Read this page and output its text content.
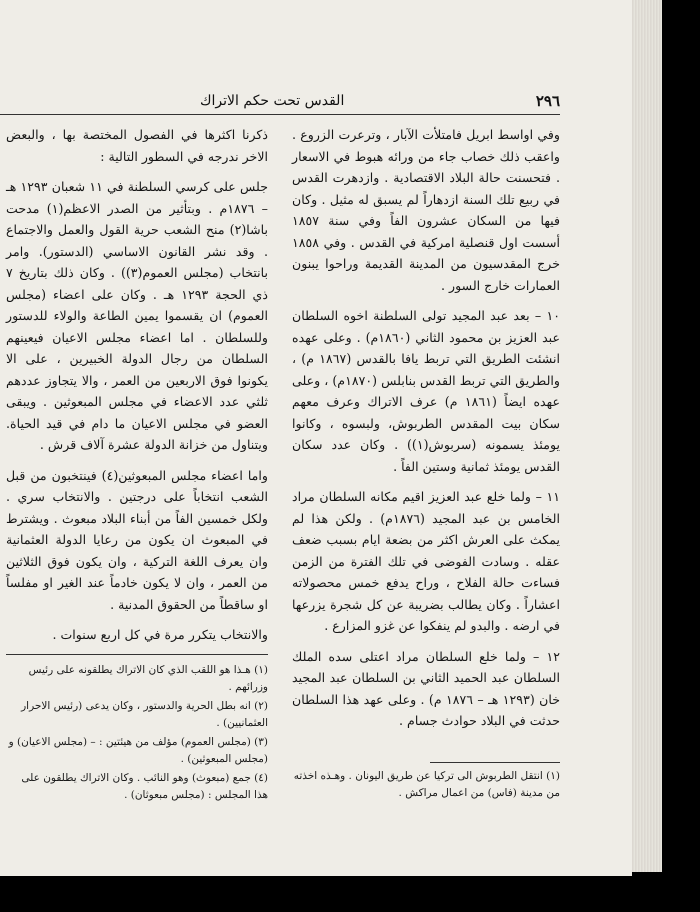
٢٩٦
القدس تحت حكم الاتراك

وفي اواسط ابريل فامتلأت الآبار ، وترعرت الزروع . واعقب ذلك خصاب جاء من ورائه هبوط في الاسعار . فتحسنت حالة البلاد الاقتصادية . وازدهرت القدس في ربيع تلك السنة ازدهاراً لم يسبق له مثيل . وكان فيها من السكان عشرون الفاً وفي سنة ١٨٥٧ أسست اول قنصلية امركية في القدس . وفي ١٨٥٨ خرج المقدسيون من المدينة القديمة وراحوا يبنون العمارات خارج السور .

١٠ – بعد عبد المجيد تولى السلطنة اخوه السلطان عبد العزيز بن محمود الثاني (١٨٦٠م) . وعلى عهده انشئت الطريق التي تربط يافا بالقدس (١٨٦٧ م) ، والطريق التي تربط القدس بنابلس (١٨٧٠م) ، وعلى عهده ايضاً (١٨٦١ م) عرف الاتراك وعرف معهم سكان بيت المقدس الطربوش، ولبسوه ، وكانوا يومئذ يسمونه (سربوش(١)) . وكان عدد سكان القدس يومئذ ثمانية وستين الفاً .

١١ – ولما خلع عبد العزيز اقيم مكانه السلطان مراد الخامس بن عبد المجيد (١٨٧٦م) . ولكن هذا لم يمكث على العرش اكثر من بضعة ايام بسبب ضعف عقله . وسادت الفوضى في تلك الفترة من الزمن فساءت حالة الفلاح ، وراح يدفع خمس محصولاته اعشاراً . وكان يطالب بضريبة عن كل شجرة يزرعها في ارضه . والبدو لم ينفكوا عن غزو المزارع .

١٢ – ولما خلع السلطان مراد اعتلى سده الملك السلطان عبد الحميد الثاني بن السلطان عبد المجيد خان (١٢٩٣ هـ – ١٨٧٦ م) . وعلى عهد هذا السلطان حدثت في البلاد حوادث جسام .

(١) انتقل الطربوش الى تركيا عن طريق اليونان . وهـذه اخذته من مدينة (فاس) من اعمال مراكش .

ذكرنا اكثرها في الفصول المختصة بها ، والبعض الاخر ندرجه في السطور التالية :

جلس على كرسي السلطنة في ١١ شعبان ١٢٩٣ هـ – ١٨٧٦م . وبتأثير من الصدر الاعظم(١) مدحت باشا(٢) منح الشعب حرية القول والعمل والاجتماع . وقد نشر القانون الاساسي (الدستور). وامر بانتخاب (مجلس العموم(٣)) . وكان ذلك بتاريخ ٧ ذي الحجة ١٢٩٣ هـ . وكان على اعضاء (مجلس العموم) ان يقسموا يمين الطاعة والولاء للدستور وللسلطان . اما اعضاء مجلس الاعيان فيعينهم السلطان من رجال الدولة الخبيرين ، على الا يكونوا فوق الاربعين من العمر ، والا يتجاوز عددهم ثلثي عدد الاعضاء في مجلس المبعوثين . ويبقى العضو في مجلس الاعيان ما دام في قيد الحياة. ويتناول من خزانة الدولة عشرة آلاف قرش .

واما اعضاء مجلس المبعوثين(٤) فينتخبون من قبل الشعب انتخاباً على درجتين . والانتخاب سري . ولكل خمسين الفاً من أبناء البلاد مبعوث . ويشترط في المبعوث ان يكون من رعايا الدولة العثمانية وان يعرف اللغة التركية ، وان يكون فوق الثلاثين من العمر ، وان لا يكون خادماً عند الغير او مفلساً او ساقطاً من الحقوق المدنية .

والانتخاب يتكرر مرة في كل اربع سنوات .

(١) هـذا هو اللقب الذي كان الاتراك يطلقونه على رئيس وزرائهم .

(٢) انه بطل الحرية والدستور ، وكان يدعى (رئيس الاحرار العثمانيين) .

(٣) (مجلس العموم) مؤلف من هيئتين : – (مجلس الاعيان) و (مجلس المبعوثين) .

(٤) جمع (مبعوث) وهو النائب . وكان الاتراك يطلقون على هذا المجلس : (مجلس مبعوثان) .
